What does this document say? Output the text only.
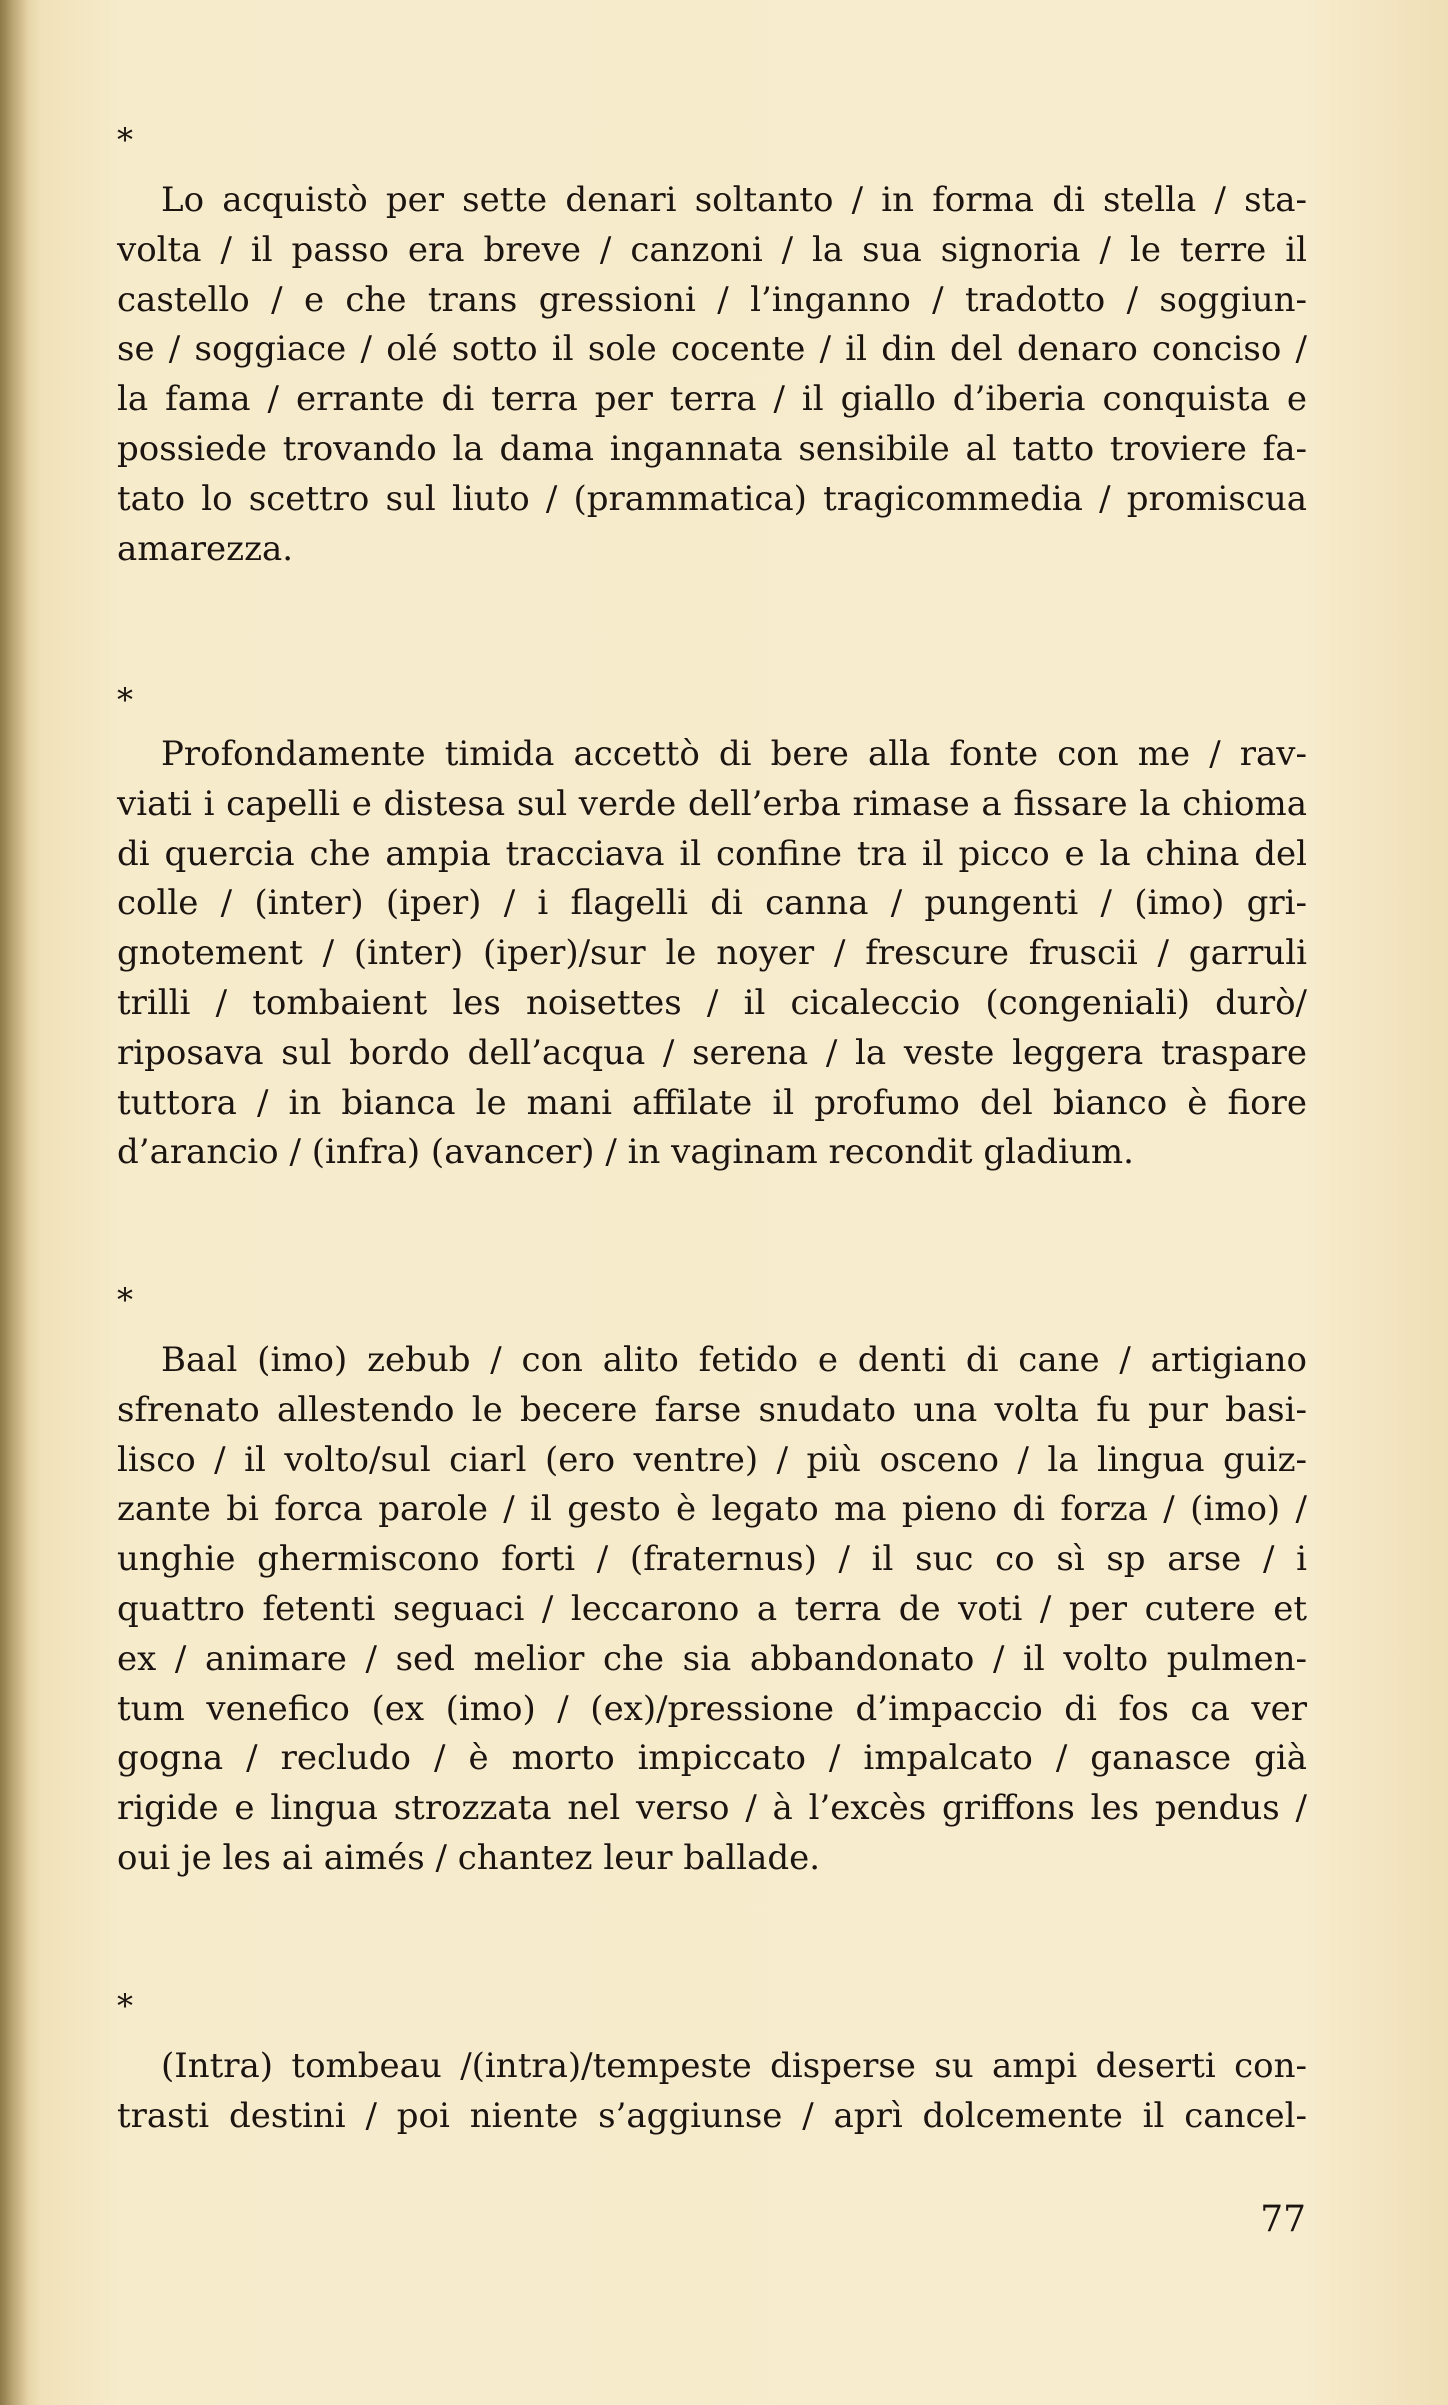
*
Lo acquistò per sette denari soltanto / in forma di stella / sta-
volta / il passo era breve / canzoni / la sua signoria / le terre il
castello / e che trans gressioni / l’inganno / tradotto / soggiun-
se / soggiace / olé sotto il sole cocente / il din del denaro conciso /
la fama / errante di terra per terra / il giallo d’iberia conquista e
possiede trovando la dama ingannata sensibile al tatto troviere fa-
tato lo scettro sul liuto / (prammatica) tragicommedia / promiscua
amarezza.
*
Profondamente timida accettò di bere alla fonte con me / rav-
viati i capelli e distesa sul verde dell’erba rimase a fissare la chioma
di quercia che ampia tracciava il confine tra il picco e la china del
colle / (inter) (iper) / i flagelli di canna / pungenti / (imo) gri-
gnotement / (inter) (iper)/sur le noyer / frescure fruscii / garruli
trilli / tombaient les noisettes / il cicaleccio (congeniali) durò/
riposava sul bordo dell’acqua / serena / la veste leggera traspare
tuttora / in bianca le mani affilate il profumo del bianco è fiore
d’arancio / (infra) (avancer) / in vaginam recondit gladium.
*
Baal (imo) zebub / con alito fetido e denti di cane / artigiano
sfrenato allestendo le becere farse snudato una volta fu pur basi-
lisco / il volto/sul ciarl (ero ventre) / più osceno / la lingua guiz-
zante bi forca parole / il gesto è legato ma pieno di forza / (imo) /
unghie ghermiscono forti / (fraternus) / il suc co sì sp arse / i
quattro fetenti seguaci / leccarono a terra de voti / per cutere et
ex / animare / sed melior che sia abbandonato / il volto pulmen-
tum venefico (ex (imo) / (ex)/pressione d’impaccio di fos ca ver
gogna / recludo / è morto impiccato / impalcato / ganasce già
rigide e lingua strozzata nel verso / à l’excès griffons les pendus /
oui je les ai aimés / chantez leur ballade.
*
(Intra) tombeau /(intra)/tempeste disperse su ampi deserti con-
trasti destini / poi niente s’aggiunse / aprì dolcemente il cancel-
77
